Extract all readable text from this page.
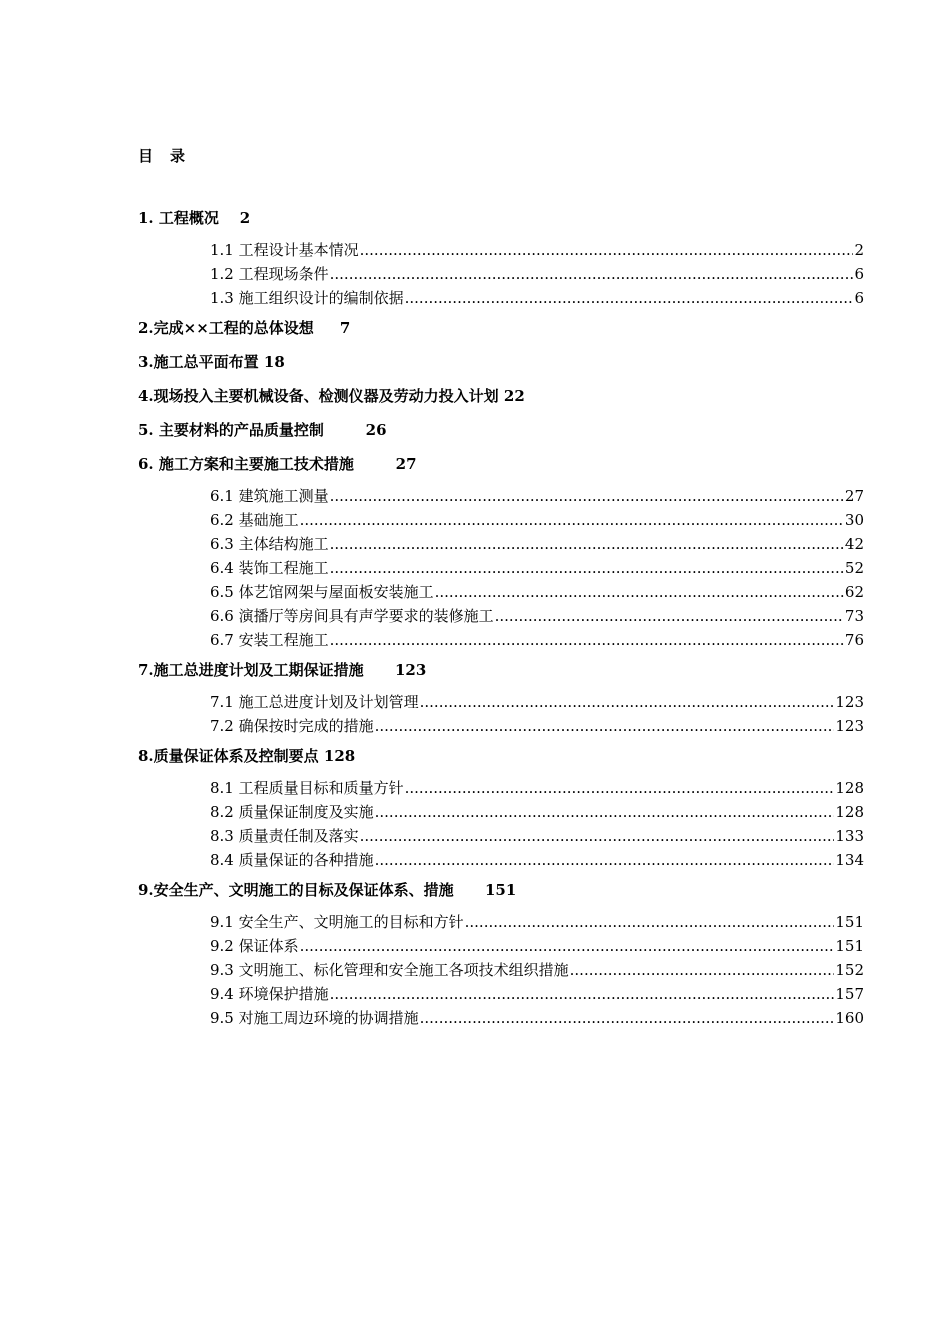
目 录
1. 工程概况    2
1.1 工程设计基本情况 .....	2
1.2 工程现场条件 .....	6
1.3 施工组织设计的编制依据 .....	6
2.完成××工程的总体设想     7
3.施工总平面布置 18
4.现场投入主要机械设备、检测仪器及劳动力投入计划 22
5. 主要材料的产品质量控制        26
6. 施工方案和主要施工技术措施        27
6.1 建筑施工测量 .....	27
6.2 基础施工 .....	30
6.3 主体结构施工 .....	42
6.4 装饰工程施工 .....	52
6.5 体艺馆网架与屋面板安装施工 .....	62
6.6 演播厅等房间具有声学要求的装修施工 .....	73
6.7 安装工程施工 .....	76
7.施工总进度计划及工期保证措施      123
7.1 施工总进度计划及计划管理 .....	123
7.2 确保按时完成的措施 .....	123
8.质量保证体系及控制要点 128
8.1 工程质量目标和质量方针 .....	128
8.2 质量保证制度及实施 .....	128
8.3 质量责任制及落实 .....	133
8.4 质量保证的各种措施 .....	134
9.安全生产、文明施工的目标及保证体系、措施      151
9.1 安全生产、文明施工的目标和方针 .....	151
9.2 保证体系 .....	151
9.3 文明施工、标化管理和安全施工各项技术组织措施 .....	152
9.4 环境保护措施 .....	157
9.5 对施工周边环境的协调措施 .....	160
